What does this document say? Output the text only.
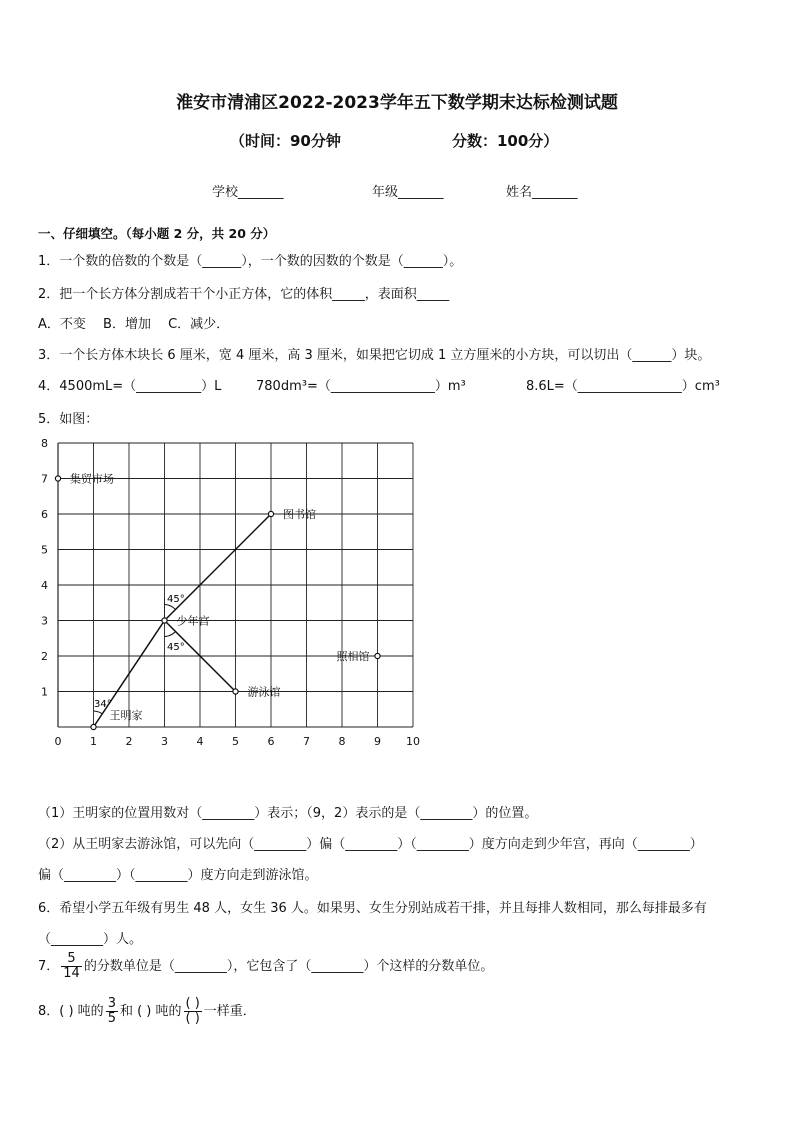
淮安市清浦区2022-2023学年五下数学期末达标检测试题
（时间：90分钟	分数：100分）
学校_______	年级_______	姓名_______
一、仔细填空。（每小题 2 分，共 20 分）
1．一个数的倍数的个数是（______），一个数的因数的个数是（______）。
2．把一个长方体分割成若干个小正方体，它的体积_____，表面积_____
A．不变　 B．增加　 C．减少．
3．一个长方体木块长 6 厘米，宽 4 厘米，高 3 厘米，如果把它切成 1 立方厘米的小方块，可以切出（______）块。
4．4500mL=（__________）L	780dm³=（________________）m³	8.6L=（________________）cm³
5．如图：
集贸市场
图书馆
少年宫
照相馆
游泳馆
王明家
0	1	2	3	4	5	6	7	8	9 10
1
2
3
4
5
6
7
8
45°
45°
34°
（1）王明家的位置用数对（________）表示；（9，2）表示的是（________）的位置。
（2）从王明家去游泳馆，可以先向（________）偏（________）（________）度方向走到少年宫，再向（________）
偏（________）（________）度方向走到游泳馆。
6．希望小学五年级有男生 48 人，女生 36 人。如果男、女生分别站成若干排，并且每排人数相同，那么每排最多有
（________）人。
7． $\frac{5}{14}$ 的分数单位是（________），它包含了（________）个这样的分数单位。
8．( ) 吨的 $\frac{3}{5}$ 和 ( ) 吨的 $\frac{( )}{( )}$ 一样重．
